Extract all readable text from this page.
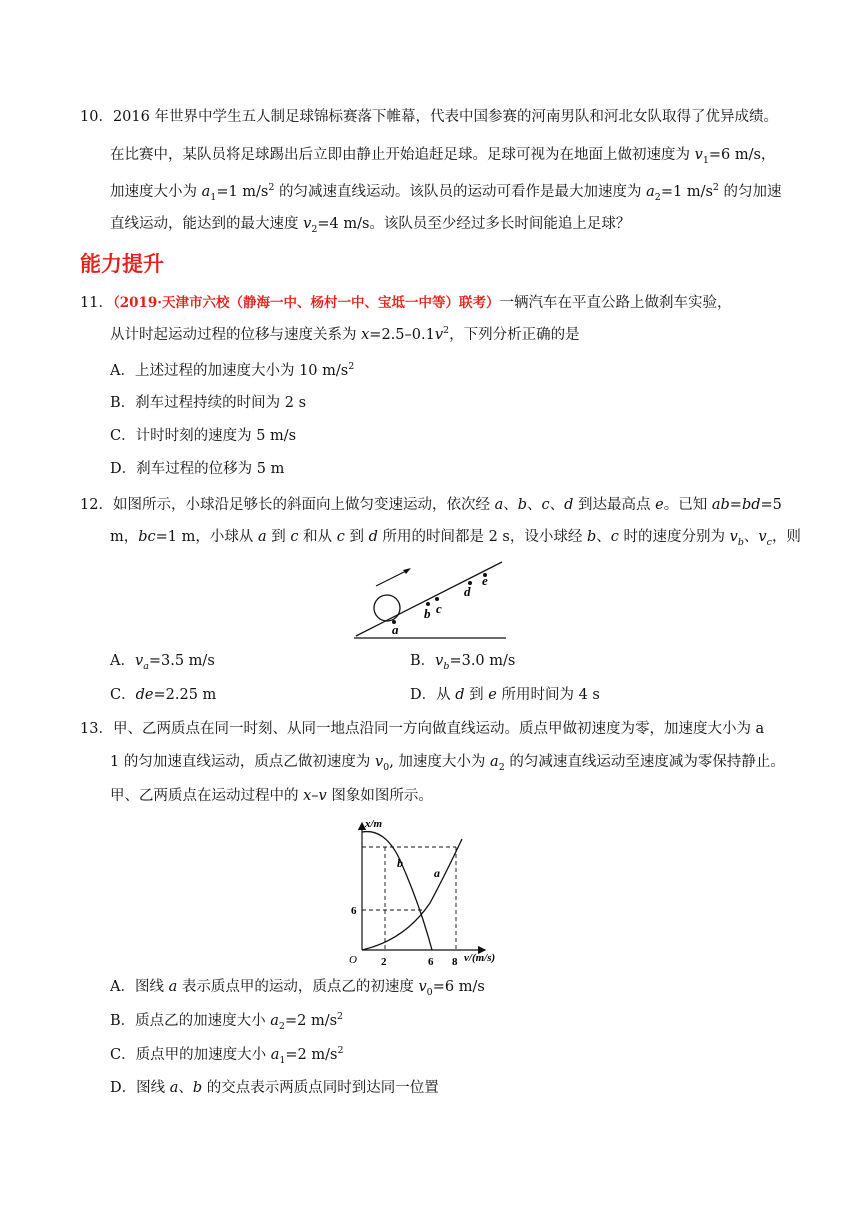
10．2016 年世界中学生五人制足球锦标赛落下帷幕，代表中国参赛的河南男队和河北女队取得了优异成绩。
在比赛中，某队员将足球踢出后立即由静止开始追赶足球。足球可视为在地面上做初速度为 $v_1=6$ m/s，
加速度大小为 $a_1=1$ $m/s^2$ 的匀减速直线运动。该队员的运动可看作是最大加速度为 $a_2=1$ $m/s^2$ 的匀加速
直线运动，能达到的最大速度 $v_2=4$ m/s。该队员至少经过多长时间能追上足球？
能力提升
11．（2019·天津市六校（静海一中、杨村一中、宝坻一中等）联考）一辆汽车在平直公路上做刹车实验，
从计时起运动过程的位移与速度关系为 $x=2.5-0.1v^2$，下列分析正确的是
A．上述过程的加速度大小为 10 $m/s^2$
B．刹车过程持续的时间为 2 s
C．计时时刻的速度为 5 m/s
D．刹车过程的位移为 5 m
12．如图所示，小球沿足够长的斜面向上做匀变速运动，依次经 a、b、c、d 到达最高点 e。已知 ab=bd=5
m，bc=1 m，小球从 a 到 c 和从 c 到 d 所用的时间都是 2 s，设小球经 b、c 时的速度分别为 $v_b$、$v_c$，则
a
b c
d
e
A．$v_a=3.5$ m/s	B．$v_b=3.0$ m/s
C．de=2.25 m	D．从 d 到 e 所用时间为 4 s
13．甲、乙两质点在同一时刻、从同一地点沿同一方向做直线运动。质点甲做初速度为零，加速度大小为 a
1 的匀加速直线运动，质点乙做初速度为 $v_0$, 加速度大小为 $a_2$ 的匀减速直线运动至速度减为零保持静止。
甲、乙两质点在运动过程中的 x–v 图象如图所示。
x/m
v/(m/s)
O
6
2	6 8
a
b
A．图线 a 表示质点甲的运动，质点乙的初速度 $v_0=6$ m/s
B．质点乙的加速度大小 $a_2=2$ $m/s^2$
C．质点甲的加速度大小 $a_1=2$ $m/s^2$
D．图线 a、b 的交点表示两质点同时到达同一位置
